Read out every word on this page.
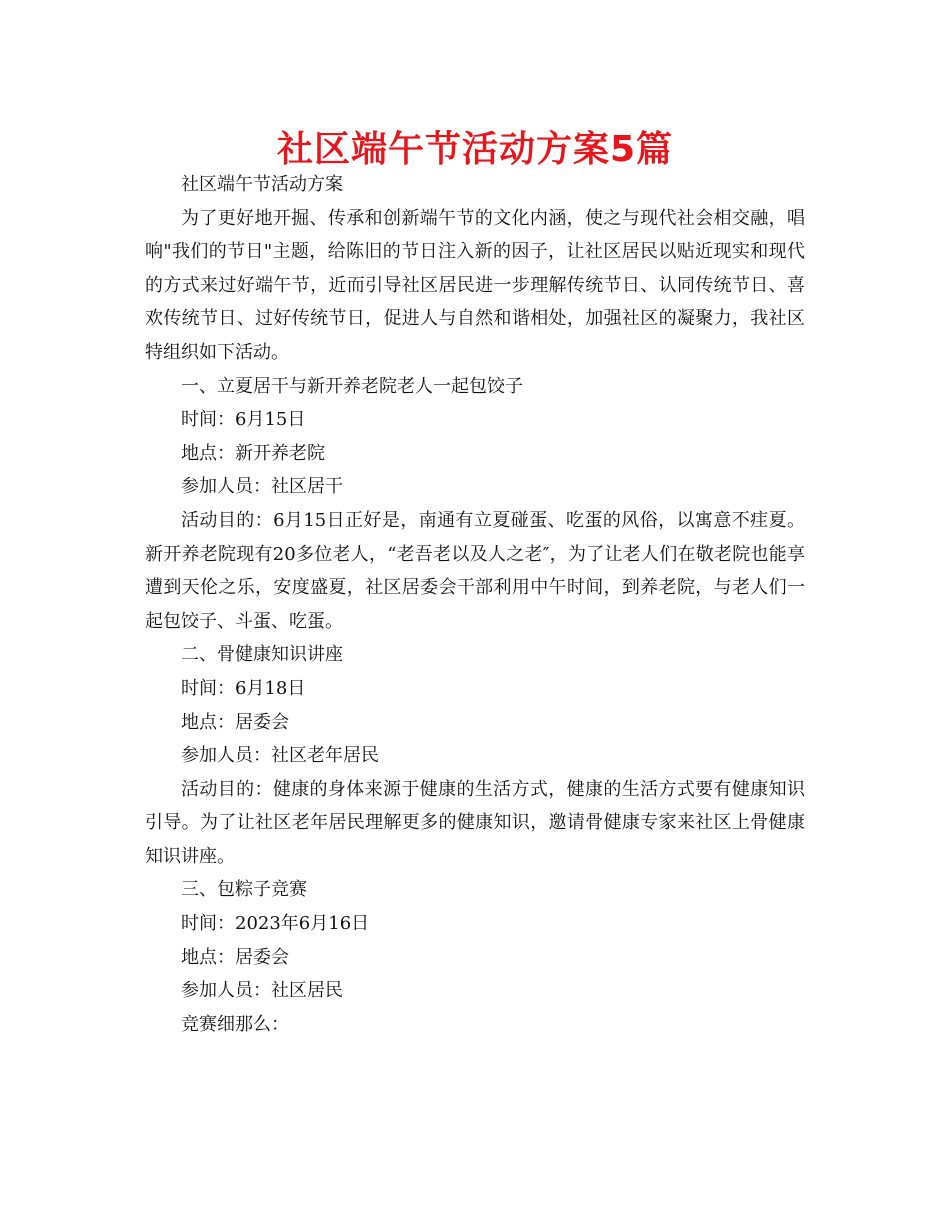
社区端午节活动方案5篇

社区端午节活动方案

为了更好地开掘、传承和创新端午节的文化内涵，使之与现代社会相交融，唱响"我们的节日"主题，给陈旧的节日注入新的因子，让社区居民以贴近现实和现代的方式来过好端午节，近而引导社区居民进一步理解传统节日、认同传统节日、喜欢传统节日、过好传统节日，促进人与自然和谐相处，加强社区的凝聚力，我社区特组织如下活动。

一、立夏居干与新开养老院老人一起包饺子

时间：6月15日

地点：新开养老院

参加人员：社区居干

活动目的：6月15日正好是，南通有立夏碰蛋、吃蛋的风俗，以寓意不疰夏。新开养老院现有20多位老人，“老吾老以及人之老″，为了让老人们在敬老院也能享遭到天伦之乐，安度盛夏，社区居委会干部利用中午时间，到养老院，与老人们一起包饺子、斗蛋、吃蛋。

二、骨健康知识讲座

时间：6月18日

地点：居委会

参加人员：社区老年居民

活动目的：健康的身体来源于健康的生活方式，健康的生活方式要有健康知识引导。为了让社区老年居民理解更多的健康知识，邀请骨健康专家来社区上骨健康知识讲座。

三、包粽子竞赛

时间：2023年6月16日

地点：居委会

参加人员：社区居民

竞赛细那么：
